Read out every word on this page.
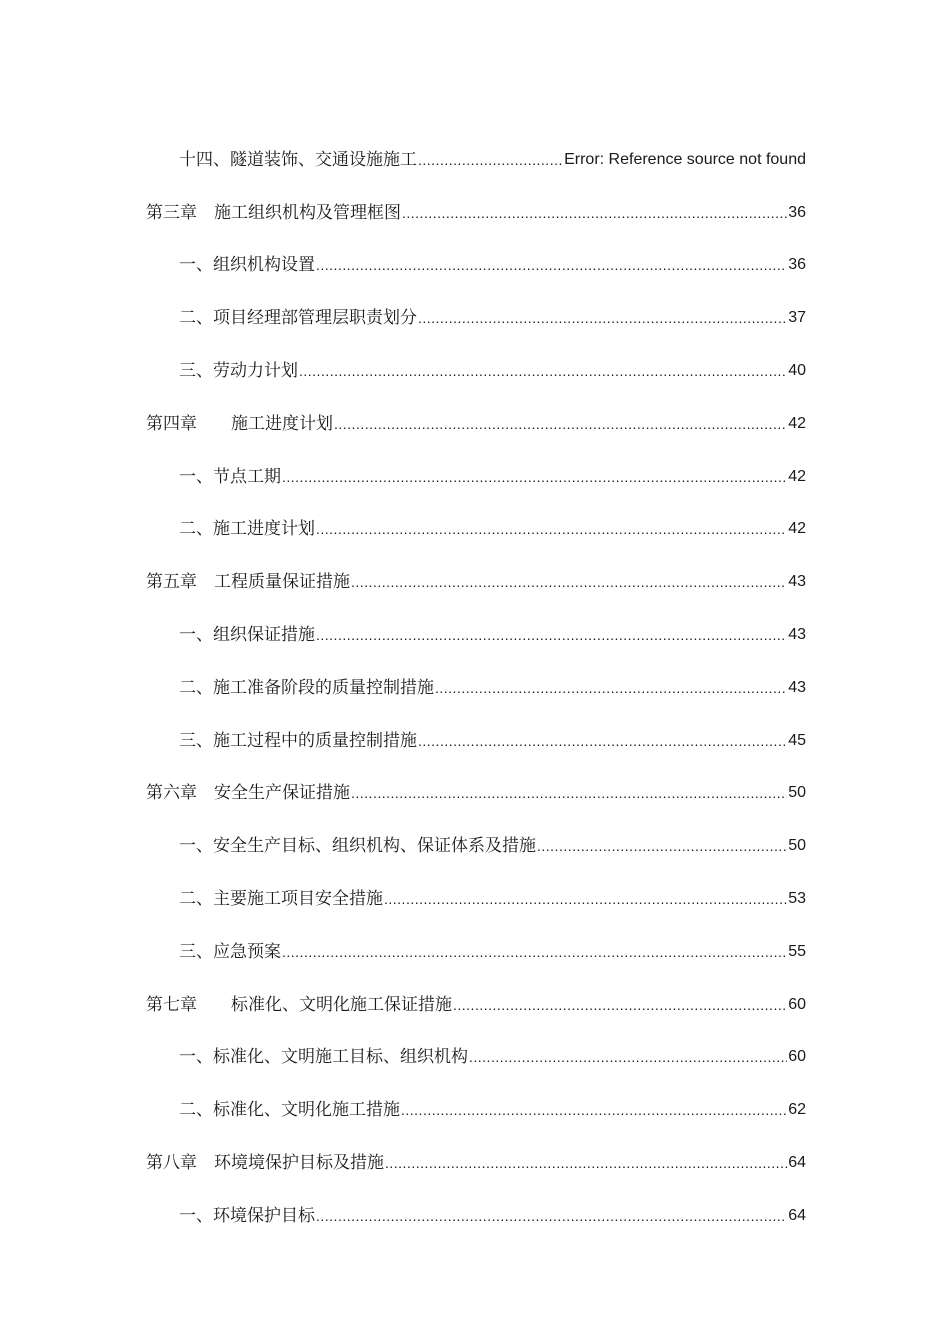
十四、隧道装饰、交通设施施工 .....	Error: Reference source not found
第三章　施工组织机构及管理框图 .....	36
一、组织机构设置 .....	36
二、项目经理部管理层职责划分 .....	37
三、劳动力计划 .....	40
第四章　　施工进度计划 .....	42
一、节点工期 .....	42
二、施工进度计划 .....	42
第五章　工程质量保证措施 .....	43
一、组织保证措施 .....	43
二、施工准备阶段的质量控制措施 .....	43
三、施工过程中的质量控制措施 .....	45
第六章　安全生产保证措施 .....	50
一、安全生产目标、组织机构、保证体系及措施 .....	50
二、主要施工项目安全措施 .....	53
三、应急预案 .....	55
第七章　　标准化、文明化施工保证措施 .....	60
一、标准化、文明施工目标、组织机构 .....	60
二、标准化、文明化施工措施 .....	62
第八章　环境境保护目标及措施 .....	64
一、环境保护目标 .....	64
